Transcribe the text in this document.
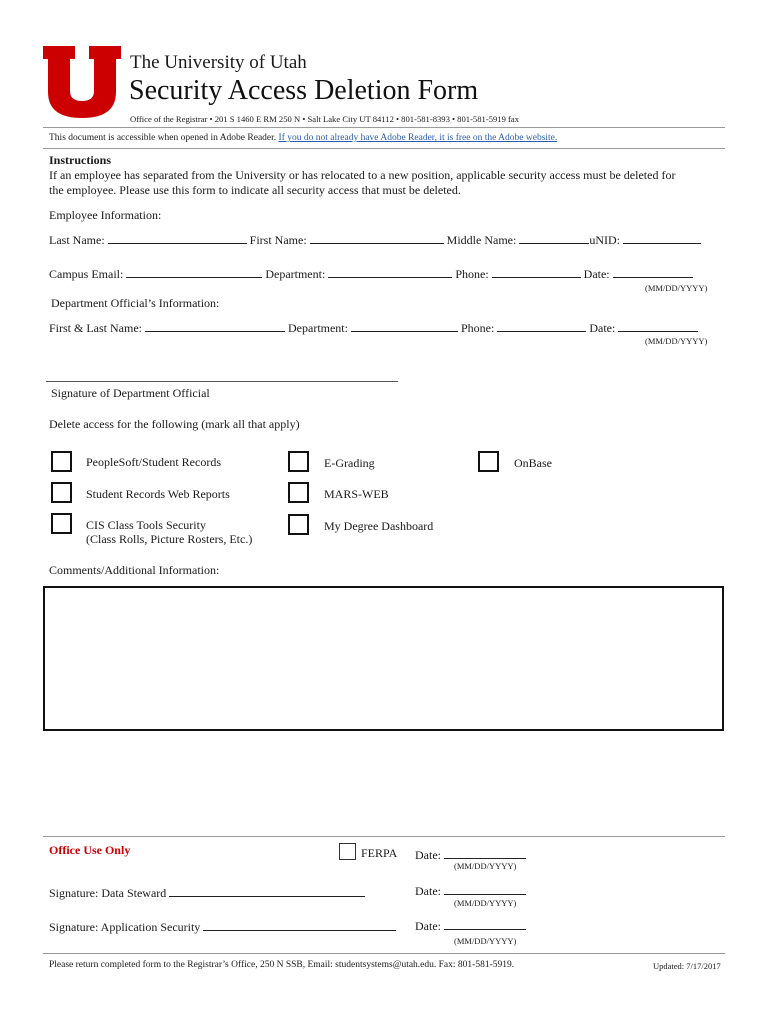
The University of Utah
Security Access Deletion Form
Office of the Registrar • 201 S 1460 E RM 250 N • Salt Lake City UT 84112 • 801-581-8393 • 801-581-5919 fax
This document is accessible when opened in Adobe Reader. If you do not already have Adobe Reader, it is free on the Adobe website.
Instructions
If an employee has separated from the University or has relocated to a new position, applicable security access must be deleted for
the employee. Please use this form to indicate all security access that must be deleted.
Employee Information:
Last Name:	First Name:	Middle Name:	uNID:
Campus Email:	Department:	Phone:	Date:
(MM/DD/YYYY)
Department Official’s Information:
First & Last Name:	Department:	Phone:	Date:
(MM/DD/YYYY)
Signature of Department Official
Delete access for the following (mark all that apply)
PeopleSoft/Student Records
Student Records Web Reports
CIS Class Tools Security
(Class Rolls, Picture Rosters, Etc.)
E-Grading
MARS-WEB
My Degree Dashboard
OnBase
Comments/Additional Information:
Office Use Only	FERPA Date:
(MM/DD/YYYY)
Signature: Data Steward	Date:
(MM/DD/YYYY)
Signature: Application Security	Date:
(MM/DD/YYYY)
Please return completed form to the Registrar’s Office, 250 N SSB, Email: studentsystems@utah.edu. Fax: 801-581-5919.	Updated: 7/17/2017
